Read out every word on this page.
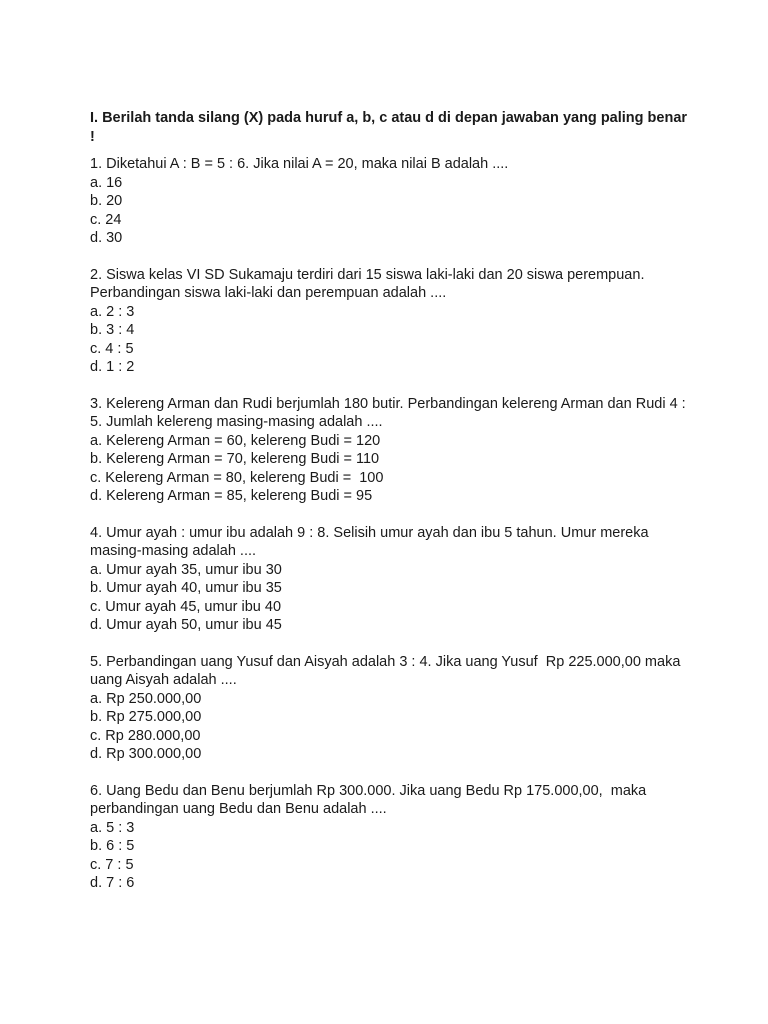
I. Berilah tanda silang (X) pada huruf a, b, c atau d di depan jawaban yang paling benar !
1. Diketahui A : B = 5 : 6. Jika nilai A = 20, maka nilai B adalah ....
a. 16
b. 20
c. 24
d. 30
2. Siswa kelas VI SD Sukamaju terdiri dari 15 siswa laki-laki dan 20 siswa perempuan. Perbandingan siswa laki-laki dan perempuan adalah ....
a. 2 : 3
b. 3 : 4
c. 4 : 5
d. 1 : 2
3. Kelereng Arman dan Rudi berjumlah 180 butir. Perbandingan kelereng Arman dan Rudi 4 : 5. Jumlah kelereng masing-masing adalah ....
a. Kelereng Arman = 60, kelereng Budi = 120
b. Kelereng Arman = 70, kelereng Budi = 110
c. Kelereng Arman = 80, kelereng Budi =  100
d. Kelereng Arman = 85, kelereng Budi = 95
4. Umur ayah : umur ibu adalah 9 : 8. Selisih umur ayah dan ibu 5 tahun. Umur mereka masing-masing adalah ....
a. Umur ayah 35, umur ibu 30
b. Umur ayah 40, umur ibu 35
c. Umur ayah 45, umur ibu 40
d. Umur ayah 50, umur ibu 45
5. Perbandingan uang Yusuf dan Aisyah adalah 3 : 4. Jika uang Yusuf  Rp 225.000,00 maka uang Aisyah adalah ....
a. Rp 250.000,00
b. Rp 275.000,00
c. Rp 280.000,00
d. Rp 300.000,00
6. Uang Bedu dan Benu berjumlah Rp 300.000. Jika uang Bedu Rp 175.000,00,  maka perbandingan uang Bedu dan Benu adalah ....
a. 5 : 3
b. 6 : 5
c. 7 : 5
d. 7 : 6
